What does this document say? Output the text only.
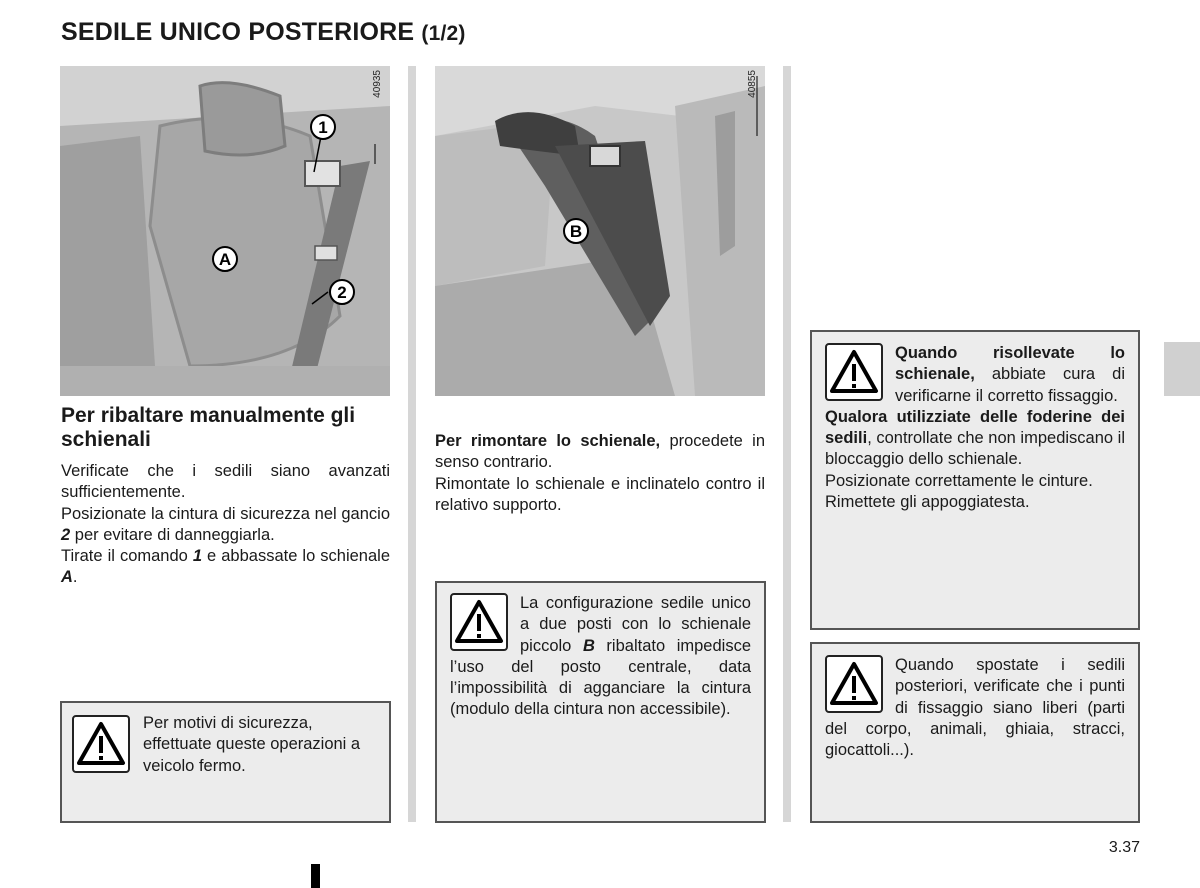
SEDILE UNICO POSTERIORE (1/2)
1
A
2
40935
B
40855
Per ribaltare manualmente gli schienali

Verificate che i sedili siano avanzati sufficientemente.

Posizionate la cintura di sicurezza nel gancio 2 per evitare di danneggiarla.

Tirate il comando 1 e abbassate lo schienale A.

Per motivi di sicurezza, effettuate queste operazioni a veicolo fermo.

Per rimontare lo schienale, procedete in senso contrario.

Rimontate lo schienale e inclinatelo contro il relativo supporto.

La configurazione sedile unico a due posti con lo schienale piccolo B ribaltato impedisce l’uso del posto centrale, data l’impossibilità di agganciare la cintura (modulo della cintura non accessibile).
Quando risollevate lo schienale, abbiate cura di verificarne il corretto fissaggio.
Qualora utilizziate delle foderine dei sedili, controllate che non impediscano il bloccaggio dello schienale.
Posizionate correttamente le cinture.
Rimettete gli appoggiatesta.
Quando spostate i sedili posteriori, verificate che i punti di fissaggio siano liberi (parti del corpo, animali, ghiaia, stracci, giocattoli...).
3.37
